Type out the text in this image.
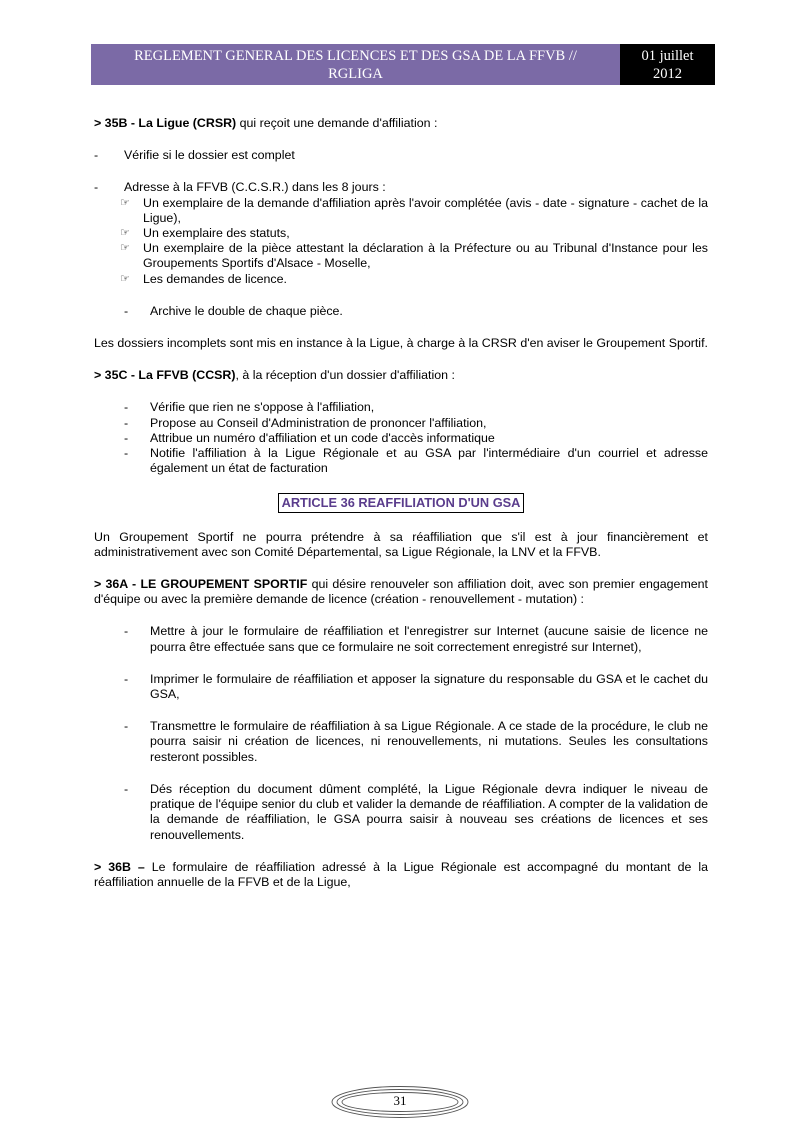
REGLEMENT GENERAL DES LICENCES ET DES GSA DE LA FFVB //
RGLIGA
01 juillet
2012

> 35B - La Ligue (CRSR) qui reçoit une demande d'affiliation :

-	Vérifie si le dossier est complet
-	Adresse à la FFVB (C.C.S.R.) dans les 8 jours :
☞	Un exemplaire de la demande d'affiliation après l'avoir complétée (avis - date - signature - cachet de la Ligue),
☞	Un exemplaire des statuts,
☞	Un exemplaire de la pièce attestant la déclaration à la Préfecture ou au Tribunal d'Instance pour les Groupements Sportifs d'Alsace - Moselle,
☞	Les demandes de licence.
-	Archive le double de chaque pièce.

Les dossiers incomplets sont mis en instance à la Ligue, à charge à la CRSR d'en aviser le Groupement Sportif.

> 35C - La FFVB (CCSR), à la réception d'un dossier d'affiliation :

-	Vérifie que rien ne s'oppose à l'affiliation,
-	Propose au Conseil d'Administration de prononcer l'affiliation,
-	Attribue un numéro d'affiliation et un code d'accès informatique
-	Notifie l'affiliation à la Ligue Régionale et au GSA par l'intermédiaire d'un courriel et adresse également un état de facturation
ARTICLE 36 REAFFILIATION D'UN GSA

Un Groupement Sportif ne pourra prétendre à sa réaffiliation que s'il est à jour financièrement et administrativement avec son Comité Départemental, sa Ligue Régionale, la LNV et la FFVB.

> 36A - LE GROUPEMENT SPORTIF qui désire renouveler son affiliation doit, avec son premier engagement d'équipe ou avec la première demande de licence (création - renouvellement - mutation) :

-	Mettre à jour le formulaire de réaffiliation et l'enregistrer sur Internet (aucune saisie de licence ne pourra être effectuée sans que ce formulaire ne soit correctement enregistré sur Internet),
-	Imprimer le formulaire de réaffiliation et apposer la signature du responsable du GSA et le cachet du GSA,
-	Transmettre le formulaire de réaffiliation à sa Ligue Régionale. A ce stade de la procédure, le club ne pourra saisir ni création de licences, ni renouvellements, ni mutations. Seules les consultations resteront possibles.
-	Dés réception du document dûment complété, la Ligue Régionale devra indiquer le niveau de pratique de l'équipe senior du club et valider la demande de réaffiliation. A compter de la validation de la demande de réaffiliation, le GSA pourra saisir à nouveau ses créations de licences et ses renouvellements.

> 36B – Le formulaire de réaffiliation adressé à la Ligue Régionale est accompagné du montant de la réaffiliation annuelle de la FFVB et de la Ligue,

31
